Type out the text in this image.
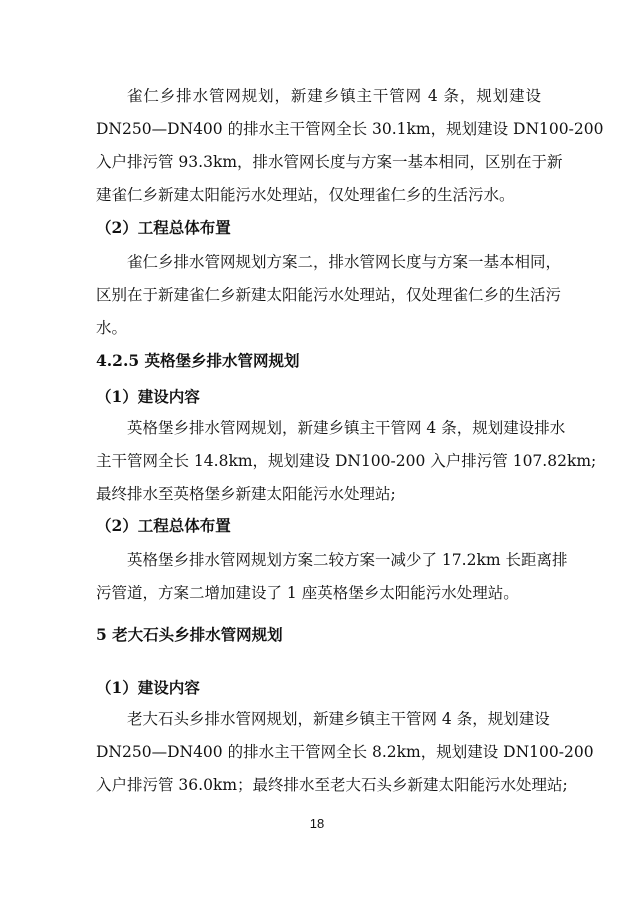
雀仁乡排水管网规划，新建乡镇主干管网 4 条，规划建设
DN250—DN400 的排水主干管网全长 30.1km，规划建设 DN100-200
入户排污管 93.3km，排水管网长度与方案一基本相同，区别在于新
建雀仁乡新建太阳能污水处理站，仅处理雀仁乡的生活污水。
（2）工程总体布置
雀仁乡排水管网规划方案二，排水管网长度与方案一基本相同，
区别在于新建雀仁乡新建太阳能污水处理站，仅处理雀仁乡的生活污
水。
4.2.5 英格堡乡排水管网规划
（1）建设内容
英格堡乡排水管网规划，新建乡镇主干管网 4 条，规划建设排水
主干管网全长 14.8km，规划建设 DN100-200 入户排污管 107.82km;
最终排水至英格堡乡新建太阳能污水处理站;
（2）工程总体布置
英格堡乡排水管网规划方案二较方案一减少了 17.2km 长距离排
污管道，方案二增加建设了 1 座英格堡乡太阳能污水处理站。
5 老大石头乡排水管网规划
（1）建设内容
老大石头乡排水管网规划，新建乡镇主干管网 4 条，规划建设
DN250—DN400 的排水主干管网全长 8.2km，规划建设 DN100-200
入户排污管 36.0km；最终排水至老大石头乡新建太阳能污水处理站;
18
